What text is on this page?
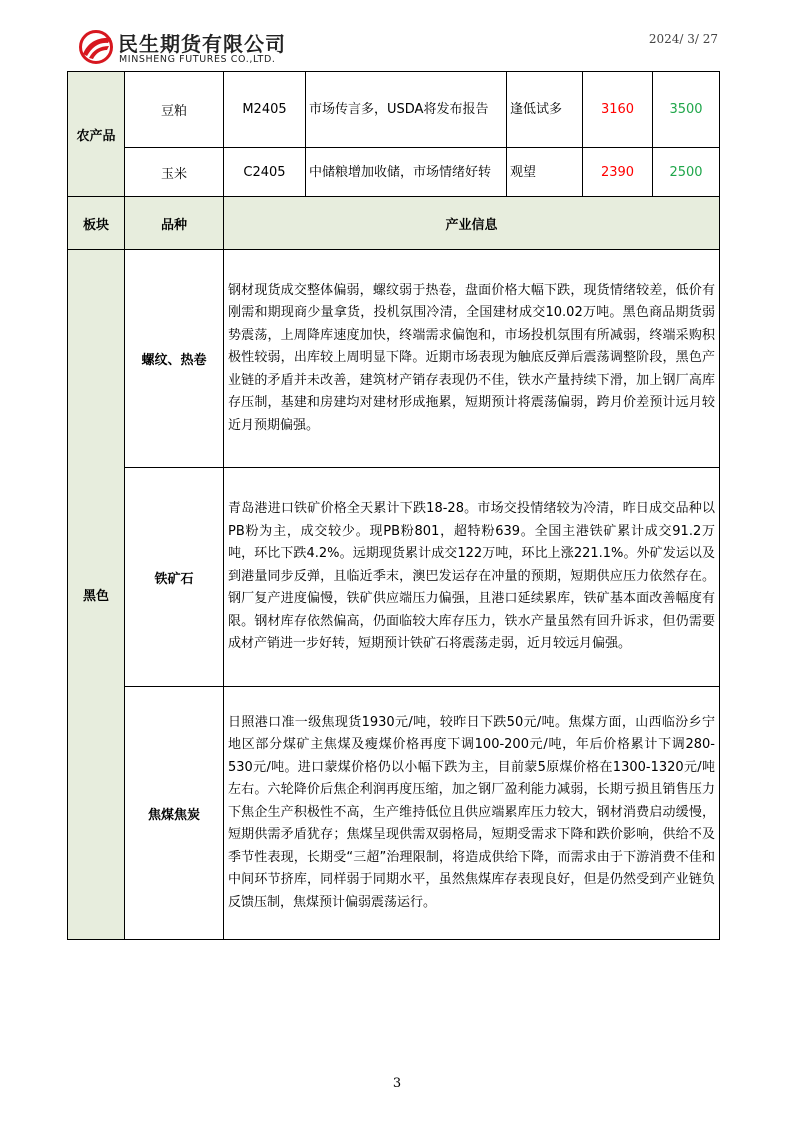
民生期货有限公司
MINSHENG FUTURES CO.,LTD.
2024/ 3/ 27
农产品	豆粕	M2405	市场传言多，USDA将发布报告	逢低试多	3160	3500
	玉米	C2405	中储粮增加收储，市场情绪好转	观望	2390	2500
板块	品种	产业信息				
黑色	螺纹、热卷	钢材现货成交整体偏弱，螺纹弱于热卷，盘面价格大幅下跌，现货情绪较差，低价有刚需和期现商少量拿货，投机氛围冷清，全国建材成交10.02万吨。黑色商品期货弱势震荡，上周降库速度加快，终端需求偏饱和，市场投机氛围有所减弱，终端采购积极性较弱，出库较上周明显下降。近期市场表现为触底反弹后震荡调整阶段，黑色产业链的矛盾并未改善，建筑材产销存表现仍不佳，铁水产量持续下滑，加上钢厂高库存压制，基建和房建均对建材形成拖累，短期预计将震荡偏弱，跨月价差预计远月较近月预期偏强。				
	铁矿石	青岛港进口铁矿价格全天累计下跌18-28。市场交投情绪较为冷清，昨日成交品种以PB粉为主，成交较少。现PB粉801，超特粉639。全国主港铁矿累计成交91.2万吨，环比下跌4.2%。远期现货累计成交122万吨，环比上涨221.1%。外矿发运以及到港量同步反弹，且临近季末，澳巴发运存在冲量的预期，短期供应压力依然存在。钢厂复产进度偏慢，铁矿供应端压力偏强，且港口延续累库，铁矿基本面改善幅度有限。钢材库存依然偏高，仍面临较大库存压力，铁水产量虽然有回升诉求，但仍需要成材产销进一步好转，短期预计铁矿石将震荡走弱，近月较远月偏强。				
	焦煤焦炭	日照港口准一级焦现货1930元/吨，较昨日下跌50元/吨。焦煤方面，山西临汾乡宁地区部分煤矿主焦煤及瘦煤价格再度下调100-200元/吨，年后价格累计下调280-530元/吨。进口蒙煤价格仍以小幅下跌为主，目前蒙5原煤价格在1300-1320元/吨左右。六轮降价后焦企利润再度压缩，加之钢厂盈利能力减弱，长期亏损且销售压力下焦企生产积极性不高，生产维持低位且供应端累库压力较大，钢材消费启动缓慢，短期供需矛盾犹存；焦煤呈现供需双弱格局，短期受需求下降和跌价影响，供给不及季节性表现，长期受“三超”治理限制，将造成供给下降，而需求由于下游消费不佳和中间环节挤库，同样弱于同期水平，虽然焦煤库存表现良好，但是仍然受到产业链负反馈压制，焦煤预计偏弱震荡运行。				
3
